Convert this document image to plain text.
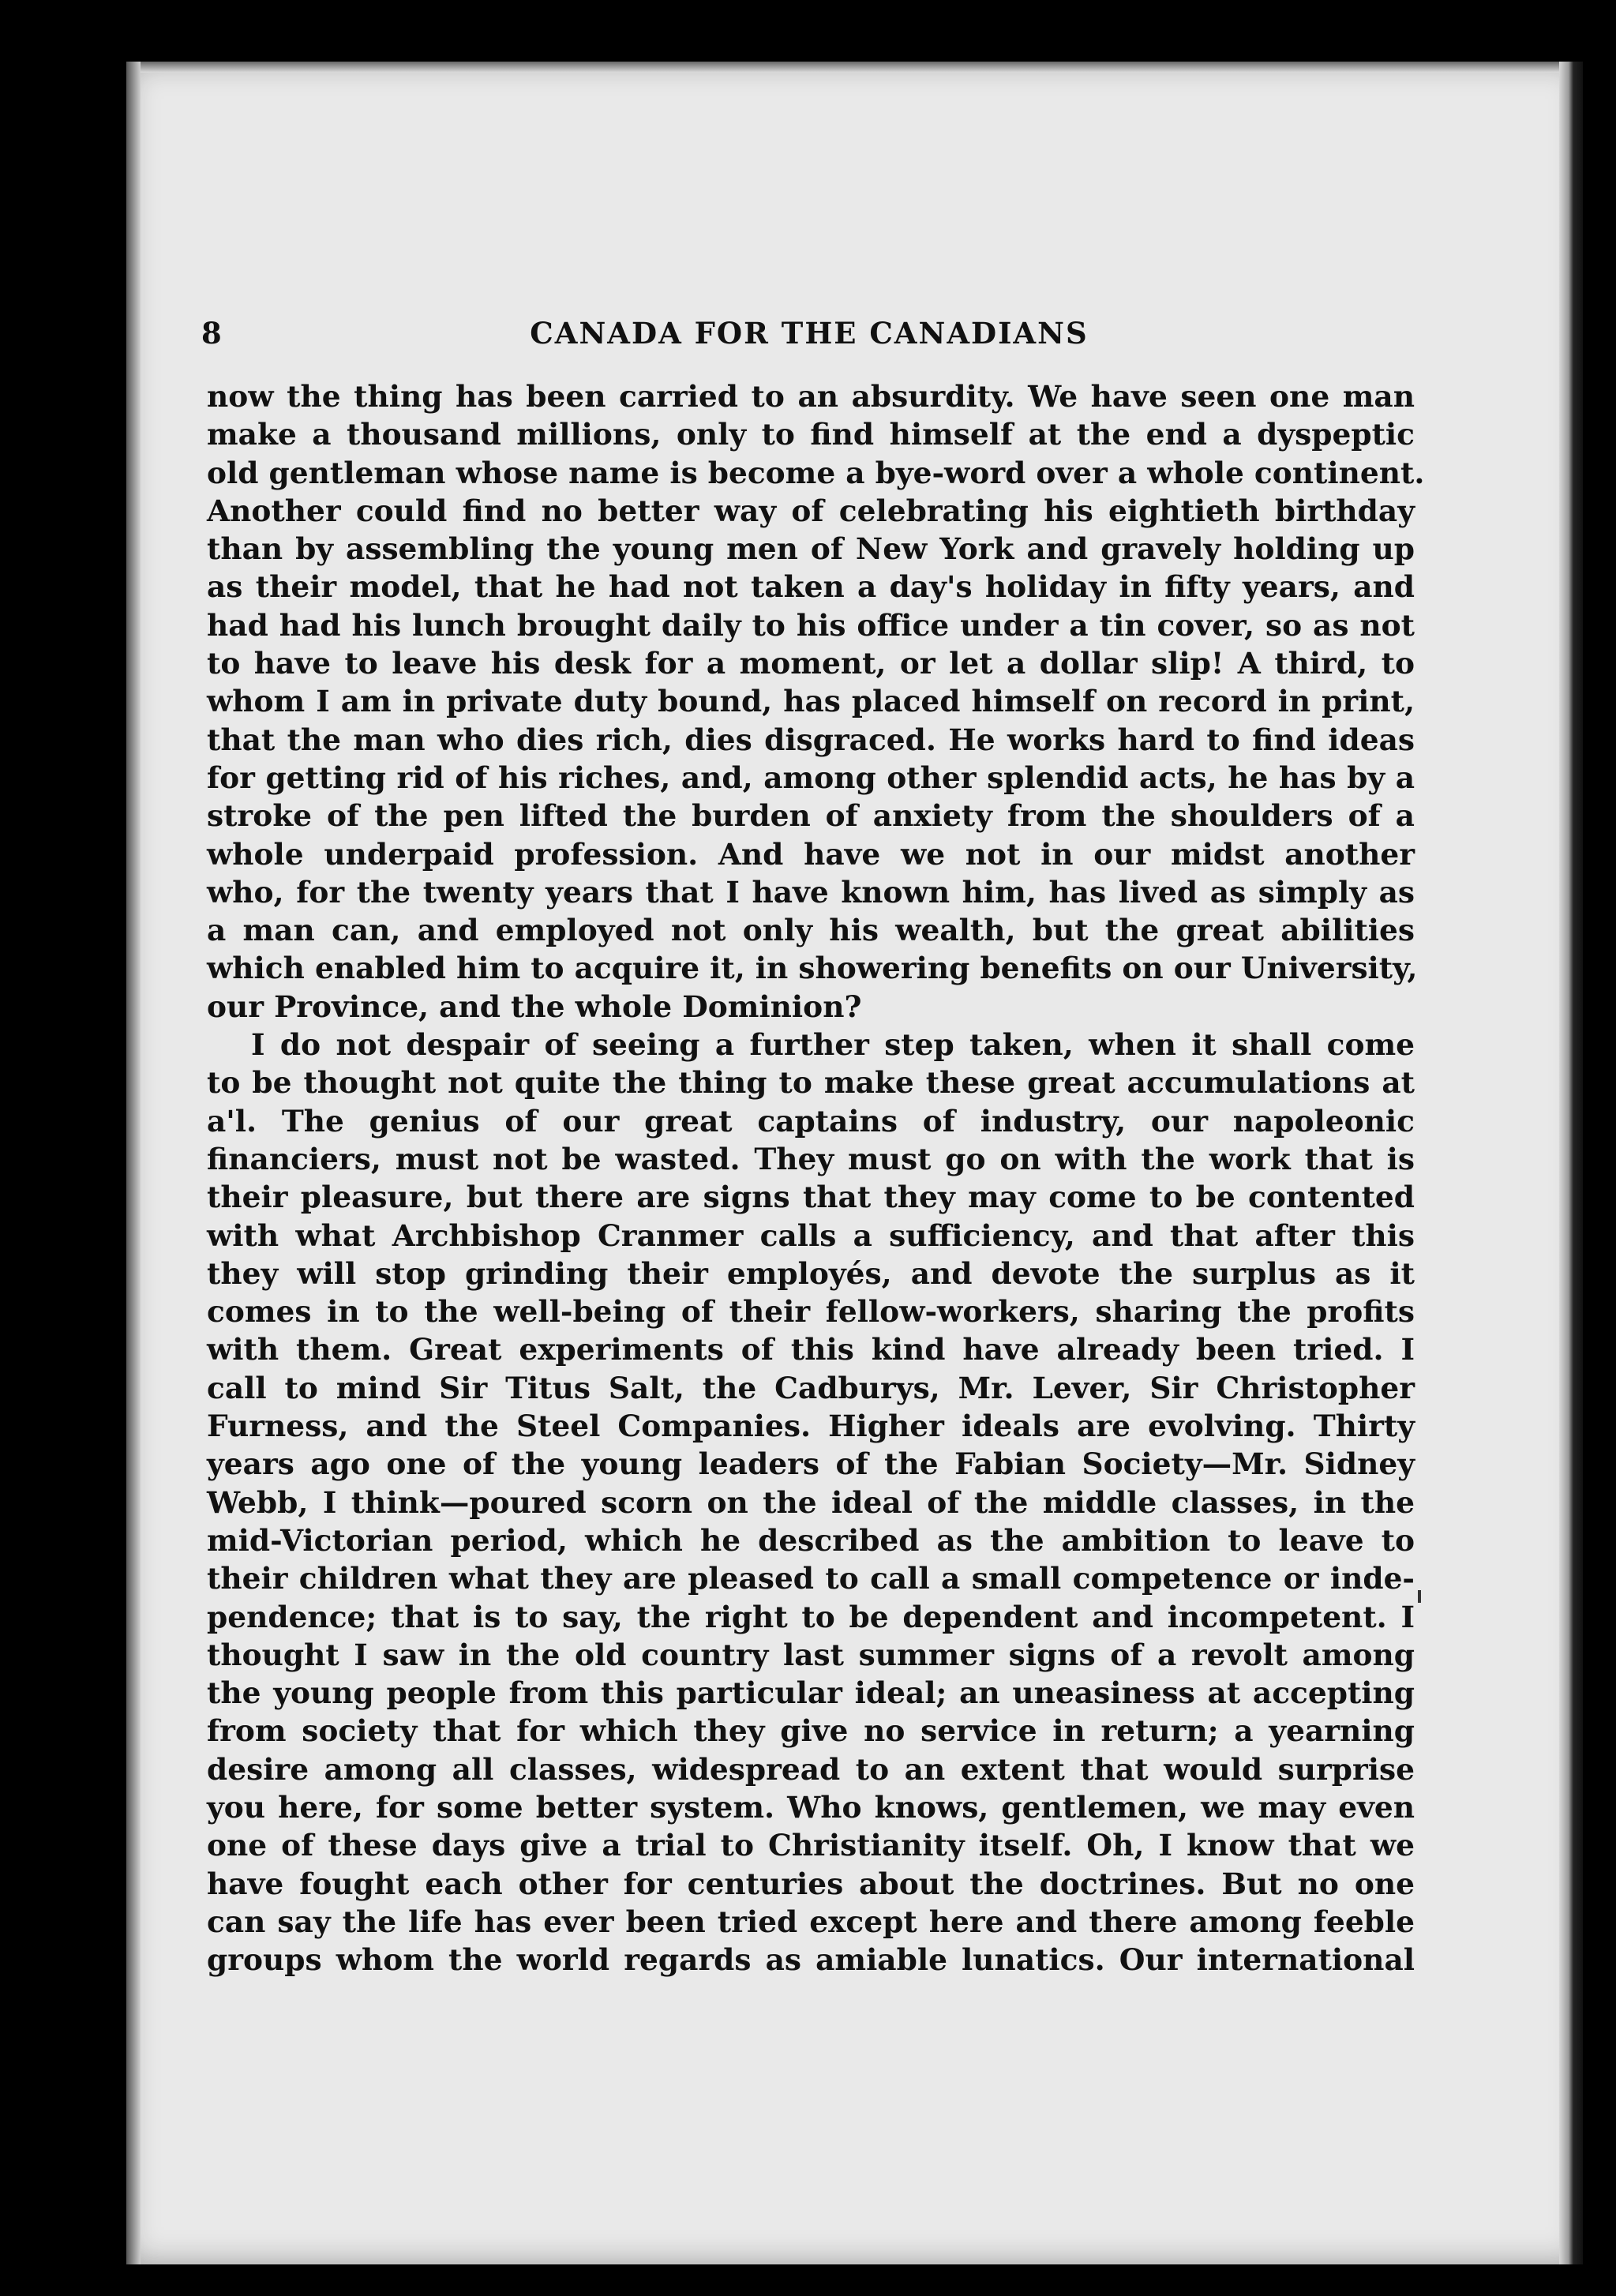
8	CANADA FOR THE CANADIANS
now the thing has been carried to an absurdity. We have seen one man
make a thousand millions, only to find himself at the end a dyspeptic
old gentleman whose name is become a bye-word over a whole continent.
Another could find no better way of celebrating his eightieth birthday
than by assembling the young men of New York and gravely holding up
as their model, that he had not taken a day's holiday in fifty years, and
had had his lunch brought daily to his office under a tin cover, so as not
to have to leave his desk for a moment, or let a dollar slip! A third, to
whom I am in private duty bound, has placed himself on record in print,
that the man who dies rich, dies disgraced. He works hard to find ideas
for getting rid of his riches, and, among other splendid acts, he has by a
stroke of the pen lifted the burden of anxiety from the shoulders of a
whole underpaid profession. And have we not in our midst another
who, for the twenty years that I have known him, has lived as simply as
a man can, and employed not only his wealth, but the great abilities
which enabled him to acquire it, in showering benefits on our University,
our Province, and the whole Dominion?
I do not despair of seeing a further step taken, when it shall come
to be thought not quite the thing to make these great accumulations at
a'l. The genius of our great captains of industry, our napoleonic
financiers, must not be wasted. They must go on with the work that is
their pleasure, but there are signs that they may come to be contented
with what Archbishop Cranmer calls a sufficiency, and that after this
they will stop grinding their employés, and devote the surplus as it
comes in to the well-being of their fellow-workers, sharing the profits
with them. Great experiments of this kind have already been tried. I
call to mind Sir Titus Salt, the Cadburys, Mr. Lever, Sir Christopher
Furness, and the Steel Companies. Higher ideals are evolving. Thirty
years ago one of the young leaders of the Fabian Society—Mr. Sidney
Webb, I think—poured scorn on the ideal of the middle classes, in the
mid-Victorian period, which he described as the ambition to leave to
their children what they are pleased to call a small competence or inde-
pendence; that is to say, the right to be dependent and incompetent. I
thought I saw in the old country last summer signs of a revolt among
the young people from this particular ideal; an uneasiness at accepting
from society that for which they give no service in return; a yearning
desire among all classes, widespread to an extent that would surprise
you here, for some better system. Who knows, gentlemen, we may even
one of these days give a trial to Christianity itself. Oh, I know that we
have fought each other for centuries about the doctrines. But no one
can say the life has ever been tried except here and there among feeble
groups whom the world regards as amiable lunatics. Our international
